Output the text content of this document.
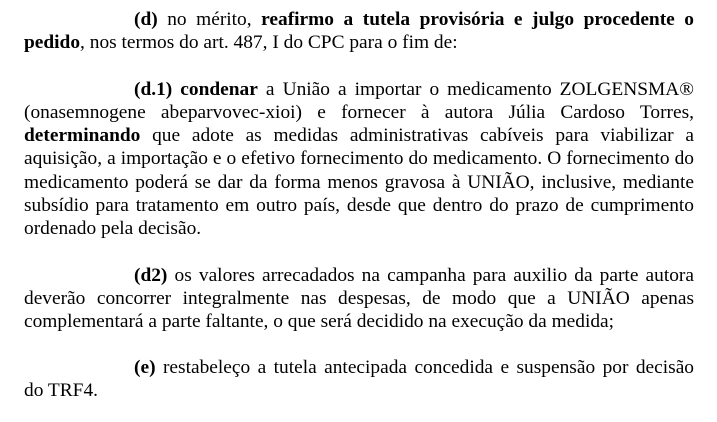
(d) no mérito, reafirmo a tutela provisória e julgo procedente o pedido, nos termos do art. 487, I do CPC para o fim de:

(d.1) condenar a União a importar o medicamento ZOLGENSMA® (onasemnogene abeparvovec-xioi) e fornecer à autora Júlia Cardoso Torres, determinando que adote as medidas administrativas cabíveis para viabilizar a aquisição, a importação e o efetivo fornecimento do medicamento. O fornecimento do medicamento poderá se dar da forma menos gravosa à UNIÃO, inclusive, mediante subsídio para tratamento em outro país, desde que dentro do prazo de cumprimento ordenado pela decisão.

(d2) os valores arrecadados na campanha para auxilio da parte autora deverão concorrer integralmente nas despesas, de modo que a UNIÃO apenas complementará a parte faltante, o que será decidido na execução da medida;

(e) restabeleço a tutela antecipada concedida e suspensão por decisão do TRF4.
